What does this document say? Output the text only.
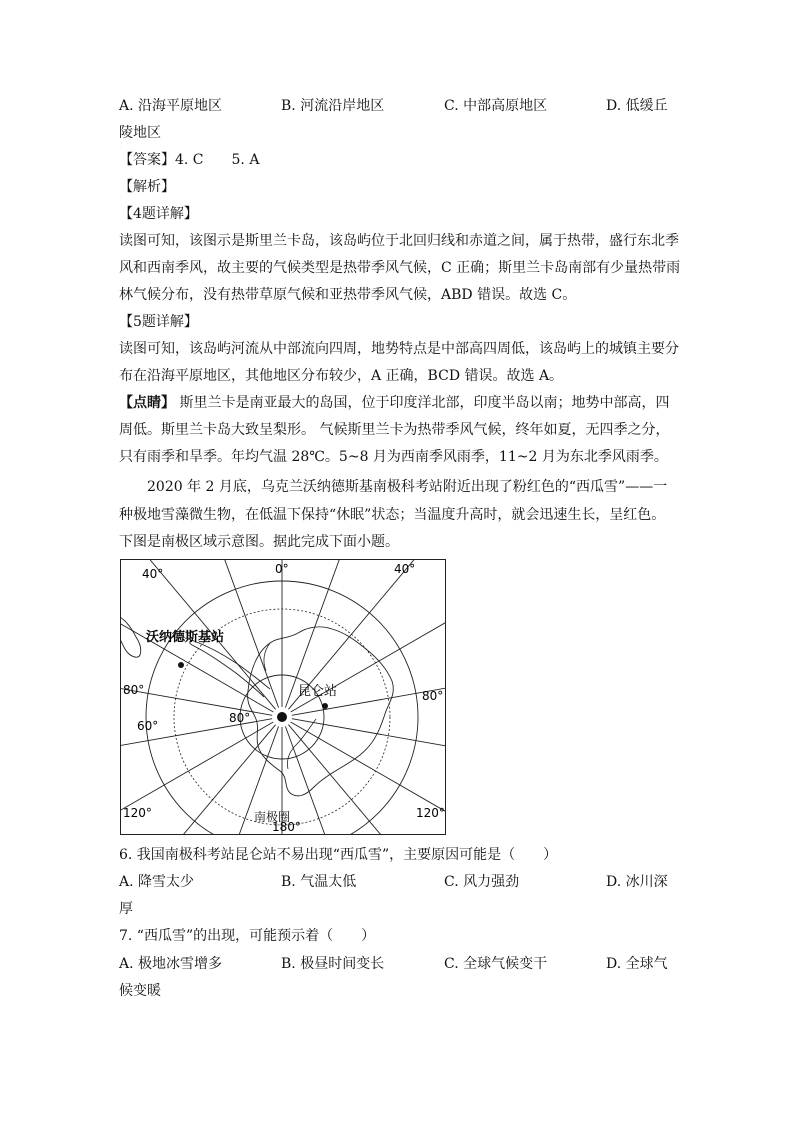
A. 沿海平原地区	B. 河流沿岸地区	C. 中部高原地区	D. 低缓丘
陵地区
【答案】4. C　　5. A
【解析】
【4题详解】
读图可知，该图示是斯里兰卡岛，该岛屿位于北回归线和赤道之间，属于热带，盛行东北季
风和西南季风，故主要的气候类型是热带季风气候，C 正确；斯里兰卡岛南部有少量热带雨
林气候分布，没有热带草原气候和亚热带季风气候，ABD 错误。故选 C。
【5题详解】
读图可知，该岛屿河流从中部流向四周，地势特点是中部高四周低，该岛屿上的城镇主要分
布在沿海平原地区，其他地区分布较少，A 正确，BCD 错误。故选 A。
【点睛】 斯里兰卡是南亚最大的岛国，位于印度洋北部，印度半岛以南；地势中部高，四
周低。斯里兰卡岛大致呈梨形。 气候斯里兰卡为热带季风气候，终年如夏，无四季之分，
只有雨季和旱季。年均气温 28℃。5~8 月为西南季风雨季，11~2 月为东北季风雨季。
2020 年 2 月底，乌克兰沃纳德斯基南极科考站附近出现了粉红色的“西瓜雪”——一
种极地雪藻微生物，在低温下保持“休眠”状态；当温度升高时，就会迅速生长，呈红色。
下图是南极区域示意图。据此完成下面小题。
0°
40°	40°
80°	80°
60°
80°
120°	120°
180°
沃纳德斯基站
昆仑站
南极圈
6. 我国南极科考站昆仑站不易出现“西瓜雪”，主要原因可能是（　　）
A. 降雪太少	B. 气温太低	C. 风力强劲	D. 冰川深
厚
7. “西瓜雪”的出现，可能预示着（　　）
A. 极地冰雪增多	B. 极昼时间变长	C. 全球气候变干	D. 全球气
候变暖
